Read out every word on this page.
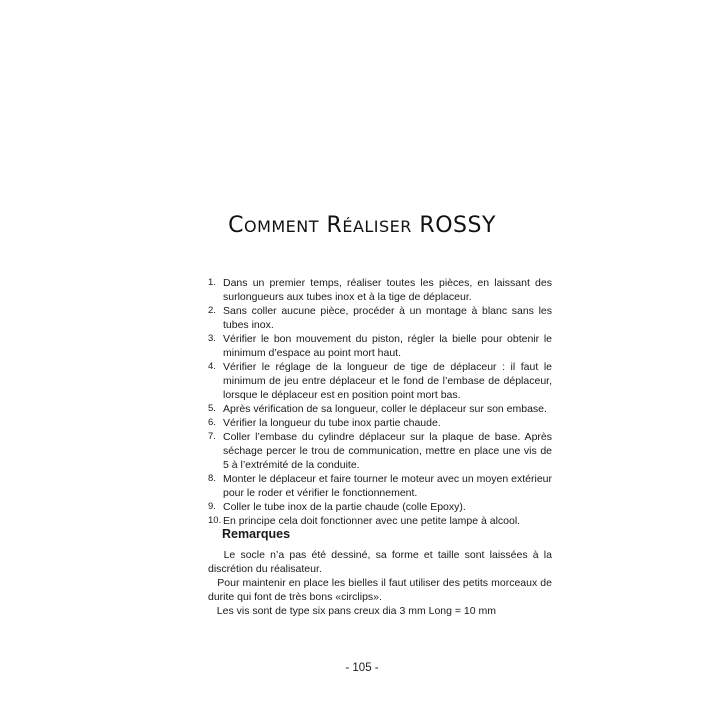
COMMENT RÉALISER ROSSY
1. Dans un premier temps, réaliser toutes les pièces, en laissant des surlongueurs aux tubes inox et à la tige de déplaceur.
2. Sans coller aucune pièce, procéder à un montage à blanc sans les tubes inox.
3. Vérifier le bon mouvement du piston, régler la bielle pour obtenir le minimum d’espace au point mort haut.
4. Vérifier le réglage de la longueur de tige de déplaceur : il faut le minimum de jeu entre déplaceur et le fond de l’embase de déplaceur, lorsque le déplaceur est en position point mort bas.
5. Après vérification de sa longueur, coller le déplaceur sur son embase.
6. Vérifier la longueur du tube inox partie chaude.
7. Coller l’embase du cylindre déplaceur sur la plaque de base. Après séchage percer le trou de communication, mettre en place une vis de 5 à l’extrémité de la conduite.
8. Monter le déplaceur et faire tourner le moteur avec un moyen extérieur pour le roder et vérifier le fonctionnement.
9. Coller le tube inox de la partie chaude (colle Epoxy).
10. En principe cela doit fonctionner avec une petite lampe à alcool.
Remarques

Le socle n’a pas été dessiné, sa forme et taille sont laissées à la discrétion du réalisateur.

Pour maintenir en place les bielles il faut utiliser des petits morceaux de durite qui font de très bons «circlips».

Les vis sont de type six pans creux dia 3 mm Long = 10 mm

- 105 -
